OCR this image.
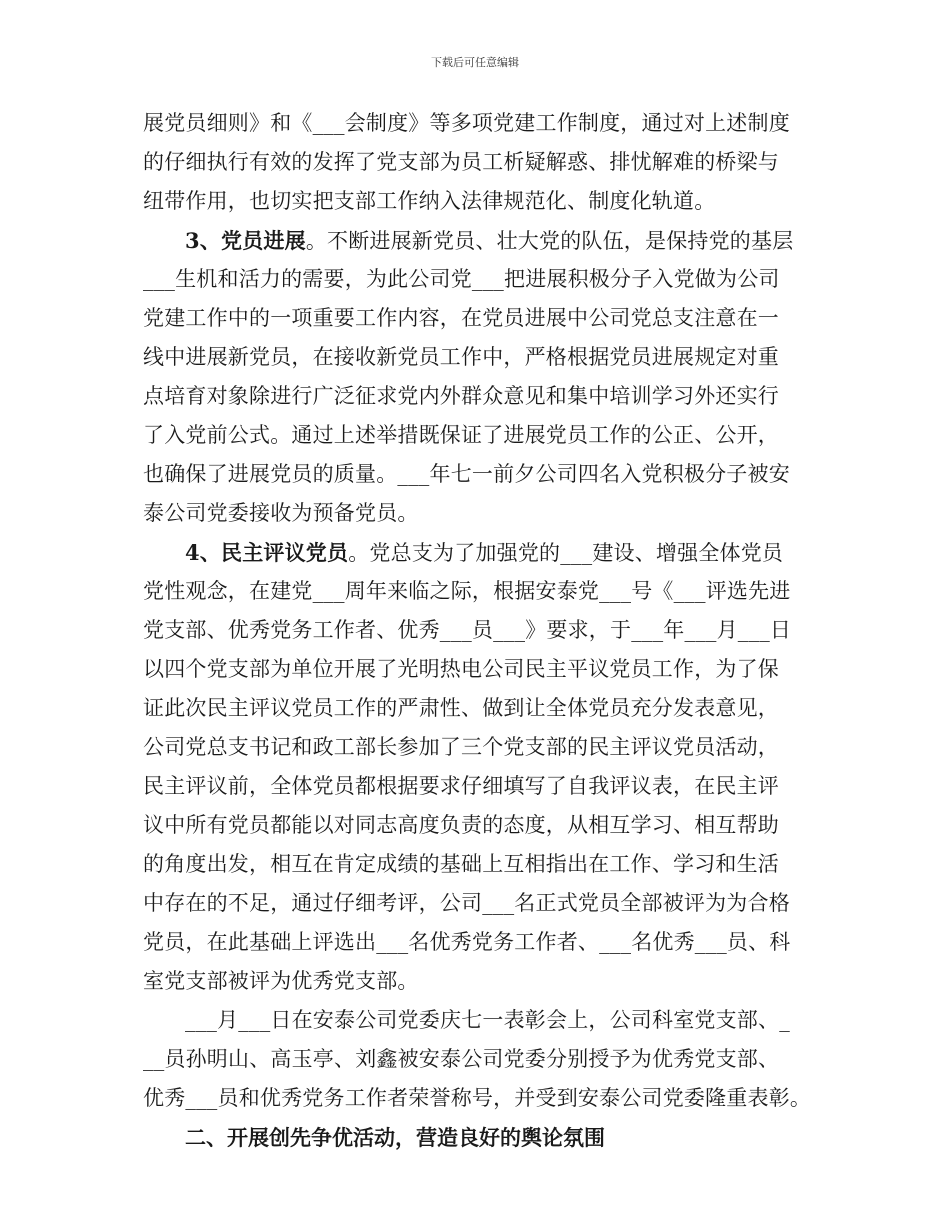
下载后可任意编辑
展党员细则》和《___会制度》等多项党建工作制度，通过对上述制度
的仔细执行有效的发挥了党支部为员工析疑解惑、排忧解难的桥梁与
纽带作用，也切实把支部工作纳入法律规范化、制度化轨道。
3、党员进展。不断进展新党员、壮大党的队伍，是保持党的基层
___生机和活力的需要，为此公司党___把进展积极分子入党做为公司
党建工作中的一项重要工作内容，在党员进展中公司党总支注意在一
线中进展新党员，在接收新党员工作中，严格根据党员进展规定对重
点培育对象除进行广泛征求党内外群众意见和集中培训学习外还实行
了入党前公式。通过上述举措既保证了进展党员工作的公正、公开，
也确保了进展党员的质量。___年七一前夕公司四名入党积极分子被安
泰公司党委接收为预备党员。
4、民主评议党员。党总支为了加强党的___建设、增强全体党员
党性观念，在建党___周年来临之际，根据安泰党___号《___评选先进
党支部、优秀党务工作者、优秀___员___》要求，于___年___月___日
以四个党支部为单位开展了光明热电公司民主平议党员工作，为了保
证此次民主评议党员工作的严肃性、做到让全体党员充分发表意见，
公司党总支书记和政工部长参加了三个党支部的民主评议党员活动，
民主评议前，全体党员都根据要求仔细填写了自我评议表，在民主评
议中所有党员都能以对同志高度负责的态度，从相互学习、相互帮助
的角度出发，相互在肯定成绩的基础上互相指出在工作、学习和生活
中存在的不足，通过仔细考评，公司___名正式党员全部被评为为合格
党员，在此基础上评选出___名优秀党务工作者、___名优秀___员、科
室党支部被评为优秀党支部。
___月___日在安泰公司党委庆七一表彰会上，公司科室党支部、_
__员孙明山、高玉亭、刘鑫被安泰公司党委分别授予为优秀党支部、
优秀___员和优秀党务工作者荣誉称号，并受到安泰公司党委隆重表彰。
二、开展创先争优活动，营造良好的舆论氛围
